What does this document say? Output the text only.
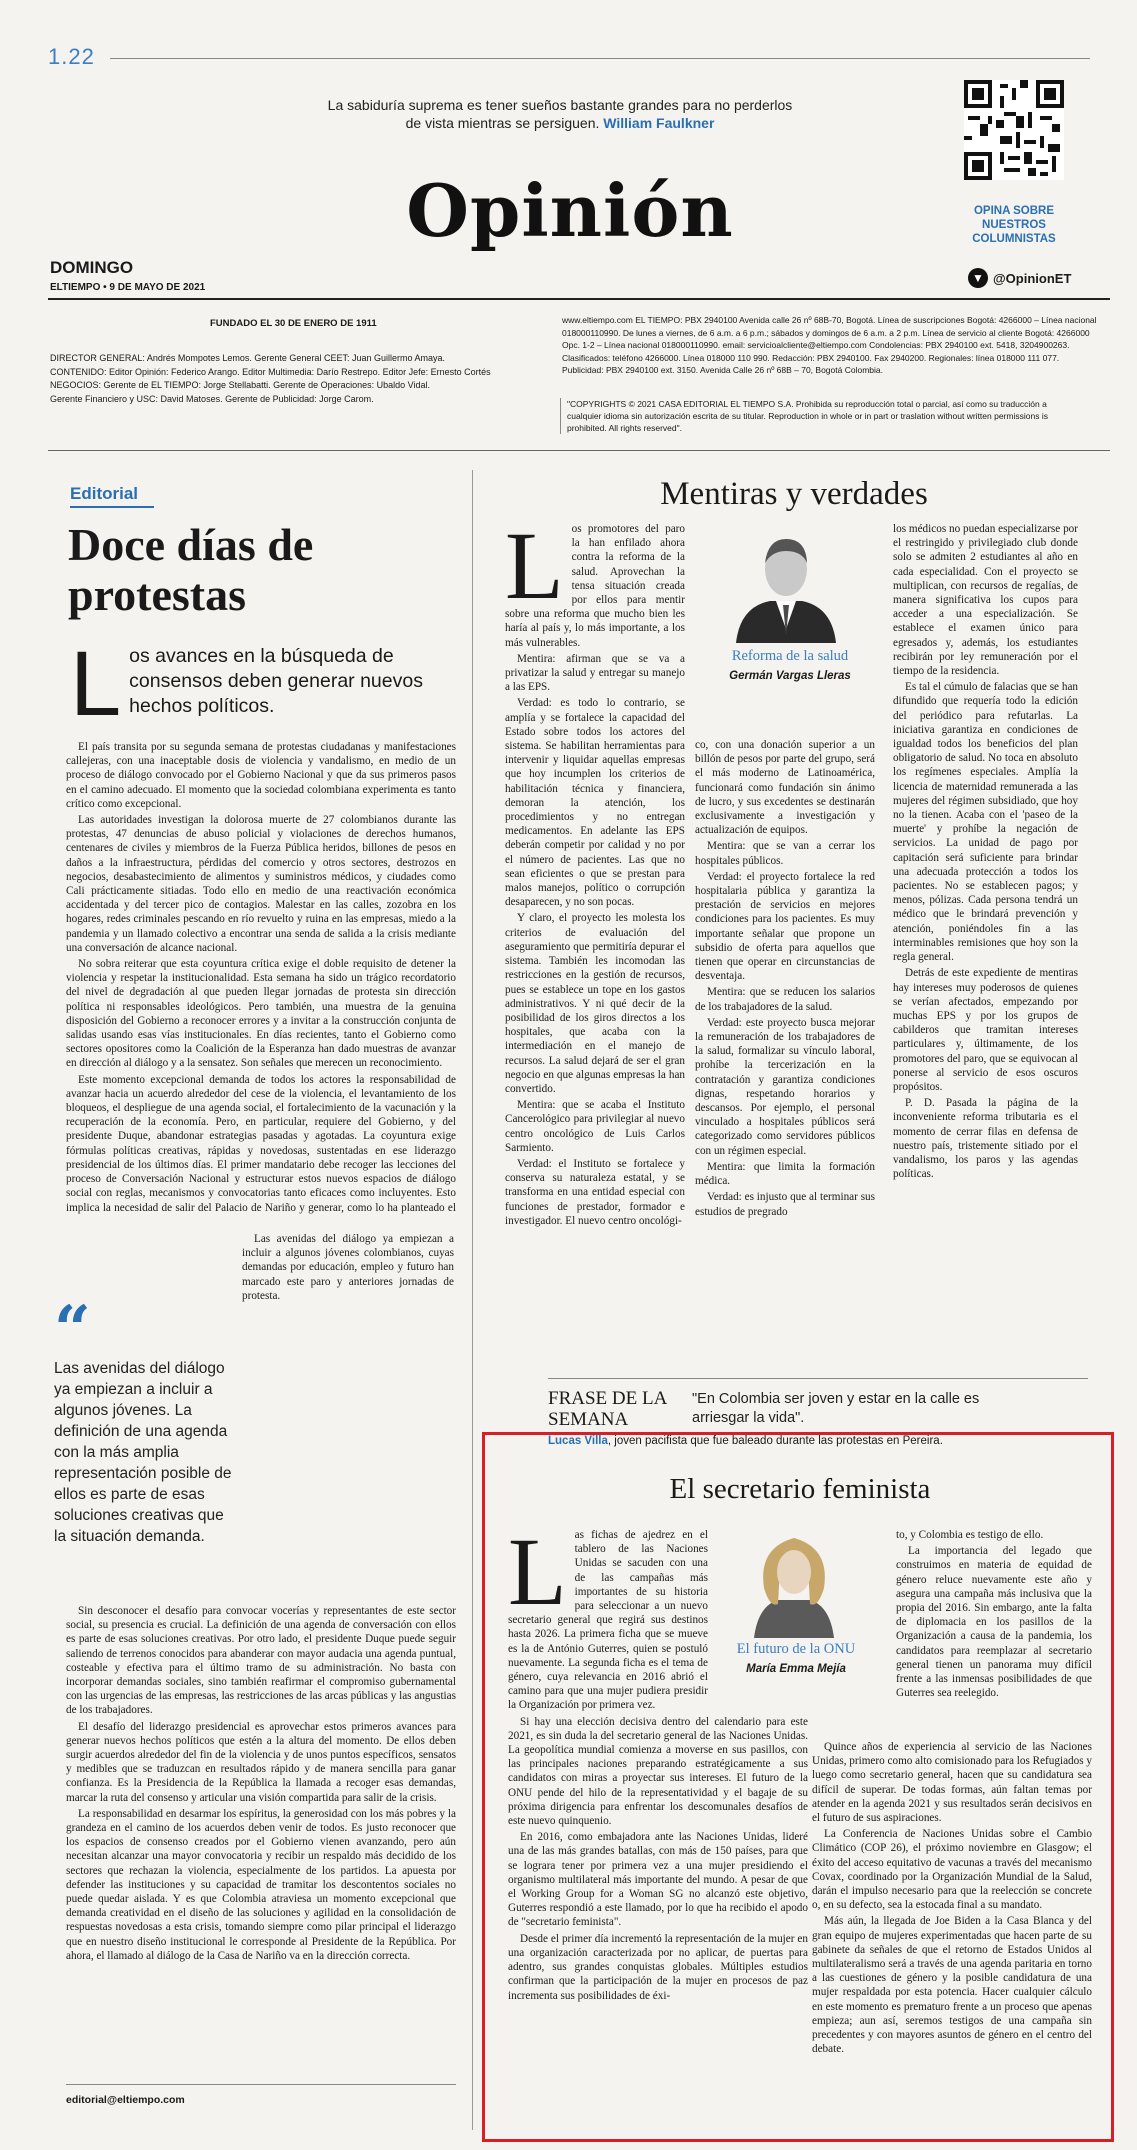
1.22
La sabiduría suprema es tener sueños bastante grandes para no perderlos de vista mientras se persiguen. William Faulkner
OPINA SOBRE NUESTROS COLUMNISTAS
Opinión
DOMINGO
ELTIEMPO • 9 DE MAYO DE 2021
▼ @OpinionET
FUNDADO EL 30 DE ENERO DE 1911
DIRECTOR GENERAL: Andrés Mompotes Lemos. Gerente General CEET: Juan Guillermo Amaya.
CONTENIDO: Editor Opinión: Federico Arango. Editor Multimedia: Darío Restrepo. Editor Jefe: Ernesto Cortés
NEGOCIOS: Gerente de EL TIEMPO: Jorge Stellabatti. Gerente de Operaciones: Ubaldo Vidal.
Gerente Financiero y USC: David Matoses. Gerente de Publicidad: Jorge Carom.
www.eltiempo.com EL TIEMPO: PBX 2940100 Avenida calle 26 nº 68B-70, Bogotá. Línea de suscripciones Bogotá: 4266000 – Línea nacional 018000110990. De lunes a viernes, de 6 a.m. a 6 p.m.; sábados y domingos de 6 a.m. a 2 p.m. Línea de servicio al cliente Bogotá: 4266000 Opc. 1-2 – Línea nacional 018000110990. email: servicioalcliente@eltiempo.com Condolencias: PBX 2940100 ext. 5418, 3204900263. Clasificados: teléfono 4266000. Línea 018000 110 990. Redacción: PBX 2940100. Fax 2940200. Regionales: línea 018000 111 077. Publicidad: PBX 2940100 ext. 3150. Avenida Calle 26 nº 68B – 70, Bogotá Colombia.
"COPYRIGHTS © 2021 CASA EDITORIAL EL TIEMPO S.A. Prohibida su reproducción total o parcial, así como su traducción a cualquier idioma sin autorización escrita de su titular. Reproduction in whole or in part or traslation without written permissions is prohibited. All rights reserved".
Editorial
Doce días de protestas
L os avances en la búsqueda de consensos deben generar nuevos hechos políticos.

El país transita por su segunda semana de protestas ciudadanas y manifestaciones callejeras, con una inaceptable dosis de violencia y vandalismo, en medio de un proceso de diálogo convocado por el Gobierno Nacional y que da sus primeros pasos en el camino adecuado. El momento que la sociedad colombiana experimenta es tanto crítico como excepcional.

Las autoridades investigan la dolorosa muerte de 27 colombianos durante las protestas, 47 denuncias de abuso policial y violaciones de derechos humanos, centenares de civiles y miembros de la Fuerza Pública heridos, billones de pesos en daños a la infraestructura, pérdidas del comercio y otros sectores, destrozos en negocios, desabastecimiento de alimentos y suministros médicos, y ciudades como Cali prácticamente sitiadas. Todo ello en medio de una reactivación económica accidentada y del tercer pico de contagios. Malestar en las calles, zozobra en los hogares, redes criminales pescando en río revuelto y ruina en las empresas, miedo a la pandemia y un llamado colectivo a encontrar una senda de salida a la crisis mediante una conversación de alcance nacional.

No sobra reiterar que esta coyuntura crítica exige el doble requisito de detener la violencia y respetar la institucionalidad. Esta semana ha sido un trágico recordatorio del nivel de degradación al que pueden llegar jornadas de protesta sin dirección política ni responsables ideológicos. Pero también, una muestra de la genuina disposición del Gobierno a reconocer errores y a invitar a la construcción conjunta de salidas usando esas vías institucionales. En días recientes, tanto el Gobierno como sectores opositores como la Coalición de la Esperanza han dado muestras de avanzar en dirección al diálogo y a la sensatez. Son señales que merecen un reconocimiento.

Este momento excepcional demanda de todos los actores la responsabilidad de avanzar hacia un acuerdo alrededor del cese de la violencia, el levantamiento de los bloqueos, el despliegue de una agenda social, el fortalecimiento de la vacunación y la recuperación de la economía. Pero, en particular, requiere del Gobierno, y del presidente Duque, abandonar estrategias pasadas y agotadas. La coyuntura exige fórmulas políticas creativas, rápidas y novedosas, sustentadas en ese liderazgo presidencial de los últimos días. El primer mandatario debe recoger las lecciones del proceso de Conversación Nacional y estructurar estos nuevos espacios de diálogo social con reglas, mecanismos y convocatorias tanto eficaces como incluyentes. Esto implica la necesidad de salir del Palacio de Nariño y generar, como lo ha planteado el

“
Las avenidas del diálogo ya empiezan a incluir a algunos jóvenes. La definición de una agenda con la más amplia representación posible de ellos es parte de esas soluciones creativas que la situación demanda.

Las avenidas del diálogo ya empiezan a incluir a algunos jóvenes colombianos, cuyas demandas por educación, empleo y futuro han marcado este paro y anteriores jornadas de protesta.

Sin desconocer el desafío para convocar vocerías y representantes de este sector social, su presencia es crucial. La definición de una agenda de conversación con ellos es parte de esas soluciones creativas. Por otro lado, el presidente Duque puede seguir saliendo de terrenos conocidos para abanderar con mayor audacia una agenda puntual, costeable y efectiva para el último tramo de su administración. No basta con incorporar demandas sociales, sino también reafirmar el compromiso gubernamental con las urgencias de las empresas, las restricciones de las arcas públicas y las angustias de los trabajadores.

El desafío del liderazgo presidencial es aprovechar estos primeros avances para generar nuevos hechos políticos que estén a la altura del momento. De ellos deben surgir acuerdos alrededor del fin de la violencia y de unos puntos específicos, sensatos y medibles que se traduzcan en resultados rápido y de manera sencilla para ganar confianza. Es la Presidencia de la República la llamada a recoger esas demandas, marcar la ruta del consenso y articular una visión compartida para salir de la crisis.

La responsabilidad en desarmar los espíritus, la generosidad con los más pobres y la grandeza en el camino de los acuerdos deben venir de todos. Es justo reconocer que los espacios de consenso creados por el Gobierno vienen avanzando, pero aún necesitan alcanzar una mayor convocatoria y recibir un respaldo más decidido de los sectores que rechazan la violencia, especialmente de los partidos. La apuesta por defender las instituciones y su capacidad de tramitar los descontentos sociales no puede quedar aislada. Y es que Colombia atraviesa un momento excepcional que demanda creatividad en el diseño de las soluciones y agilidad en la consolidación de respuestas novedosas a esta crisis, tomando siempre como pilar principal el liderazgo que en nuestro diseño institucional le corresponde al Presidente de la República. Por ahora, el llamado al diálogo de la Casa de Nariño va en la dirección correcta.

editorial@eltiempo.com
Mentiras y verdades
L os promotores del paro la han enfilado ahora contra la reforma de la salud. Aprovechan la tensa situación creada por ellos para mentir sobre una reforma que mucho bien les haría al país y, lo más importante, a los más vulnerables.

Mentira: afirman que se va a privatizar la salud y entregar su manejo a las EPS.

Verdad: es todo lo contrario, se amplía y se fortalece la capacidad del Estado sobre todos los actores del sistema. Se habilitan herramientas para intervenir y liquidar aquellas empresas que hoy incumplen los criterios de habilitación técnica y financiera, demoran la atención, los procedimientos y no entregan medicamentos. En adelante las EPS deberán competir por calidad y no por el número de pacientes. Las que no sean eficientes o que se prestan para malos manejos, político o corrupción desaparecen, y no son pocas.

Y claro, el proyecto les molesta los criterios de evaluación del aseguramiento que permitiría depurar el sistema. También les incomodan las restricciones en la gestión de recursos, pues se establece un tope en los gastos administrativos. Y ni qué decir de la posibilidad de los giros directos a los hospitales, que acaba con la intermediación en el manejo de recursos. La salud dejará de ser el gran negocio en que algunas empresas la han convertido.

Mentira: que se acaba el Instituto Cancerológico para privilegiar al nuevo centro oncológico de Luis Carlos Sarmiento.

Verdad: el Instituto se fortalece y conserva su naturaleza estatal, y se transforma en una entidad especial con funciones de prestador, formador e investigador. El nuevo centro oncológi-

Reforma de la salud
Germán Vargas Lleras

co, con una donación superior a un billón de pesos por parte del grupo, será el más moderno de Latinoamérica, funcionará como fundación sin ánimo de lucro, y sus excedentes se destinarán exclusivamente a investigación y actualización de equipos.

Mentira: que se van a cerrar los hospitales públicos.

Verdad: el proyecto fortalece la red hospitalaria pública y garantiza la prestación de servicios en mejores condiciones para los pacientes. Es muy importante señalar que propone un subsidio de oferta para aquellos que tienen que operar en circunstancias de desventaja.

Mentira: que se reducen los salarios de los trabajadores de la salud.

Verdad: este proyecto busca mejorar la remuneración de los trabajadores de la salud, formalizar su vínculo laboral, prohíbe la tercerización en la contratación y garantiza condiciones dignas, respetando horarios y descansos. Por ejemplo, el personal vinculado a hospitales públicos será categorizado como servidores públicos con un régimen especial.

Mentira: que limita la formación médica.

Verdad: es injusto que al terminar sus estudios de pregrado

los médicos no puedan especializarse por el restringido y privilegiado club donde solo se admiten 2 estudiantes al año en cada especialidad. Con el proyecto se multiplican, con recursos de regalías, de manera significativa los cupos para acceder a una especialización. Se establece el examen único para egresados y, además, los estudiantes recibirán por ley remuneración por el tiempo de la residencia.

Es tal el cúmulo de falacias que se han difundido que requería todo la edición del periódico para refutarlas. La iniciativa garantiza en condiciones de igualdad todos los beneficios del plan obligatorio de salud. No toca en absoluto los regímenes especiales. Amplía la licencia de maternidad remunerada a las mujeres del régimen subsidiado, que hoy no la tienen. Acaba con el 'paseo de la muerte' y prohíbe la negación de servicios. La unidad de pago por capitación será suficiente para brindar una adecuada protección a todos los pacientes. No se establecen pagos; y menos, pólizas. Cada persona tendrá un médico que le brindará prevención y atención, poniéndoles fin a las interminables remisiones que hoy son la regla general.

Detrás de este expediente de mentiras hay intereses muy poderosos de quienes se verían afectados, empezando por muchas EPS y por los grupos de cabilderos que tramitan intereses particulares y, últimamente, de los promotores del paro, que se equivocan al ponerse al servicio de esos oscuros propósitos.

P. D. Pasada la página de la inconveniente reforma tributaria es el momento de cerrar filas en defensa de nuestro país, tristemente sitiado por el vandalismo, los paros y las agendas políticas.

FRASE DE LA SEMANA
"En Colombia ser joven y estar en la calle es arriesgar la vida".
Lucas Villa, joven pacifista que fue baleado durante las protestas en Pereira.
El secretario feminista
L as fichas de ajedrez en el tablero de las Naciones Unidas se sacuden con una de las campañas más importantes de su historia para seleccionar a un nuevo secretario general que regirá sus destinos hasta 2026. La primera ficha que se mueve es la de António Guterres, quien se postuló nuevamente. La segunda ficha es el tema de género, cuya relevancia en 2016 abrió el camino para que una mujer pudiera presidir la Organización por primera vez.

Si hay una elección decisiva dentro del calendario para este 2021, es sin duda la del secretario general de las Naciones Unidas. La geopolítica mundial comienza a moverse en sus pasillos, con las principales naciones preparando estratégicamente a sus candidatos con miras a proyectar sus intereses. El futuro de la ONU pende del hilo de la representatividad y el bagaje de su próxima dirigencia para enfrentar los descomunales desafíos de este nuevo quinquenio.

En 2016, como embajadora ante las Naciones Unidas, lideré una de las más grandes batallas, con más de 150 países, para que se lograra tener por primera vez a una mujer presidiendo el organismo multilateral más importante del mundo. A pesar de que el Working Group for a Woman SG no alcanzó este objetivo, Guterres respondió a este llamado, por lo que ha recibido el apodo de "secretario feminista".

Desde el primer día incrementó la representación de la mujer en una organización caracterizada por no aplicar, de puertas para adentro, sus grandes conquistas globales. Múltiples estudios confirman que la participación de la mujer en procesos de paz incrementa sus posibilidades de éxi-

El futuro de la ONU
María Emma Mejía

to, y Colombia es testigo de ello.

La importancia del legado que construimos en materia de equidad de género reluce nuevamente este año y asegura una campaña más inclusiva que la propia del 2016. Sin embargo, ante la falta de diplomacia en los pasillos de la Organización a causa de la pandemia, los candidatos para reemplazar al secretario general tienen un panorama muy difícil frente a las inmensas posibilidades de que Guterres sea reelegido.

Quince años de experiencia al servicio de las Naciones Unidas, primero como alto comisionado para los Refugiados y luego como secretario general, hacen que su candidatura sea difícil de superar. De todas formas, aún faltan temas por atender en la agenda 2021 y sus resultados serán decisivos en el futuro de sus aspiraciones.

La Conferencia de Naciones Unidas sobre el Cambio Climático (COP 26), el próximo noviembre en Glasgow; el éxito del acceso equitativo de vacunas a través del mecanismo Covax, coordinado por la Organización Mundial de la Salud, darán el impulso necesario para que la reelección se concrete o, en su defecto, sea la estocada final a su mandato.

Más aún, la llegada de Joe Biden a la Casa Blanca y del gran equipo de mujeres experimentadas que hacen parte de su gabinete da señales de que el retorno de Estados Unidos al multilateralismo será a través de una agenda paritaria en torno a las cuestiones de género y la posible candidatura de una mujer respaldada por esta potencia. Hacer cualquier cálculo en este momento es prematuro frente a un proceso que apenas empieza; aun así, seremos testigos de una campaña sin precedentes y con mayores asuntos de género en el centro del debate.
